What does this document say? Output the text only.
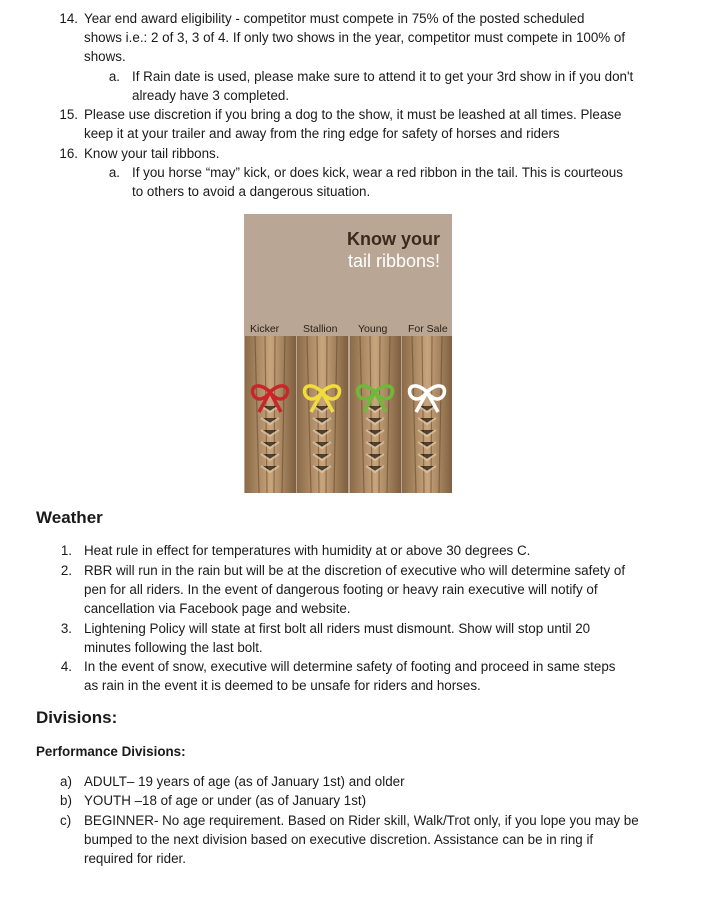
14. Year end award eligibility - competitor must compete in 75% of the posted scheduled
shows i.e.: 2 of 3, 3 of 4. If only two shows in the year, competitor must compete in 100% of
shows.
a. If Rain date is used, please make sure to attend it to get your 3rd show in if you don't
already have 3 completed.
15. Please use discretion if you bring a dog to the show, it must be leashed at all times. Please
keep it at your trailer and away from the ring edge for safety of horses and riders
16. Know your tail ribbons.
a. If you horse “may” kick, or does kick, wear a red ribbon in the tail. This is courteous
to others to avoid a dangerous situation.
Know your
tail ribbons!
Kicker Stallion Young For Sale
Weather
1. Heat rule in effect for temperatures with humidity at or above 30 degrees C.
2. RBR will run in the rain but will be at the discretion of executive who will determine safety of
pen for all riders. In the event of dangerous footing or heavy rain executive will notify of
cancellation via Facebook page and website.
3. Lightening Policy will state at first bolt all riders must dismount. Show will stop until 20
minutes following the last bolt.
4. In the event of snow, executive will determine safety of footing and proceed in same steps
as rain in the event it is deemed to be unsafe for riders and horses.
Divisions:
Performance Divisions:
a) ADULT– 19 years of age (as of January 1st) and older
b) YOUTH –18 of age or under (as of January 1st)
c) BEGINNER- No age requirement. Based on Rider skill, Walk/Trot only, if you lope you may be
bumped to the next division based on executive discretion. Assistance can be in ring if
required for rider.
